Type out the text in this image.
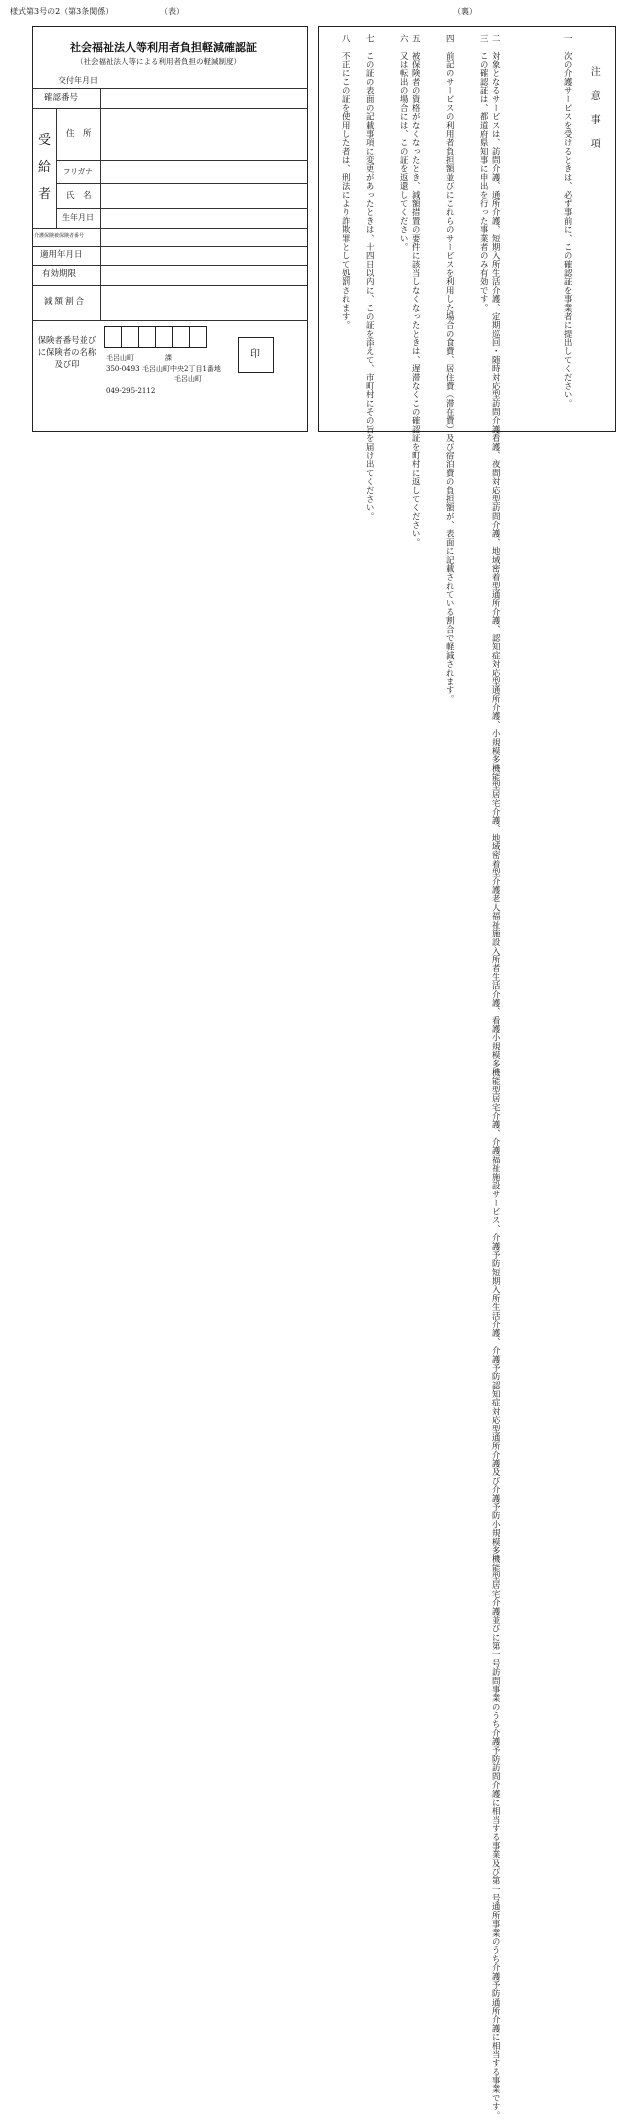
様式第3号の2（第3条関係）	（表）
社会福祉法人等利用者負担軽減確認証
（社会福祉法人等による利用者負担の軽減制度）
交付年月日
確認番号
受
給
者
住　所
フリガナ
氏　名
生年月日
介護保険被保険者番号
適用年月日
有効期限
減額割合
保険者番号並びに保険者の名称及び印
毛呂山町	課
350-0493 毛呂山町中央2丁目1番地
毛呂山町
049-295-2112
印
（裏）
注　意　事　項
一　次の介護サービスを受けるときは、必ず事前に、この確認証を事業者に提出してください。
二　対象となるサービスは、訪問介護、通所介護、短期入所生活介護、定期巡回・随時対応型訪問介護看護、夜間対応型訪問介護、地域密着型通所介護、認知症対応型通所介護、小規模多機能型居宅介護、地域密着型介護老人福祉施設入所者生活介護、看護小規模多機能型居宅介護、介護福祉施設サービス、介護予防短期入所生活介護、介護予防認知症対応型通所介護及び介護予防小規模多機能型居宅介護並びに第一号訪問事業のうち介護予防訪問介護に相当する事業及び第一号通所事業のうち介護予防通所介護に相当する事業です。
三　この確認証は、都道府県知事に申出を行った事業者のみ有効です。
四　前記のサービスの利用者負担額並びにこれらのサービスを利用した場合の食費、居住費（滞在費）及び宿泊費の負担額が、表面に記載されている割合で軽減されます。
五　被保険者の資格がなくなったとき、減額措置の要件に該当しなくなったときは、遅滞なくこの確認証を町村に返してください。
六　又は転出の場合には、この証を返還してください。
七　この証の表面の記載事項に変更があったときは、十四日以内に、この証を添えて、市町村にその旨を届け出てください。
八　不正にこの証を使用した者は、刑法により詐欺罪として処罰されます。
